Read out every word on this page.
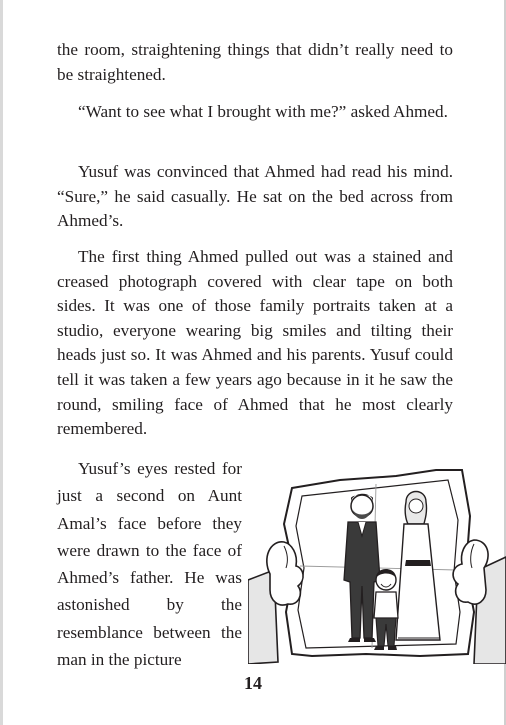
the room, straightening things that didn’t really need to be straightened.

“Want to see what I brought with me?” asked Ahmed.

Yusuf was convinced that Ahmed had read his mind. “Sure,” he said casually. He sat on the bed across from Ahmed’s.

The first thing Ahmed pulled out was a stained and creased photograph covered with clear tape on both sides. It was one of those family portraits taken at a studio, everyone wearing big smiles and tilting their heads just so. It was Ahmed and his parents. Yusuf could tell it was taken a few years ago because in it he saw the round, smiling face of Ahmed that he most clearly remembered.

Yusuf’s eyes rested for just a second on Aunt Amal’s face before they were drawn to the face of Ahmed’s father. He was astonished by the resemblance between the man in the picture

14
